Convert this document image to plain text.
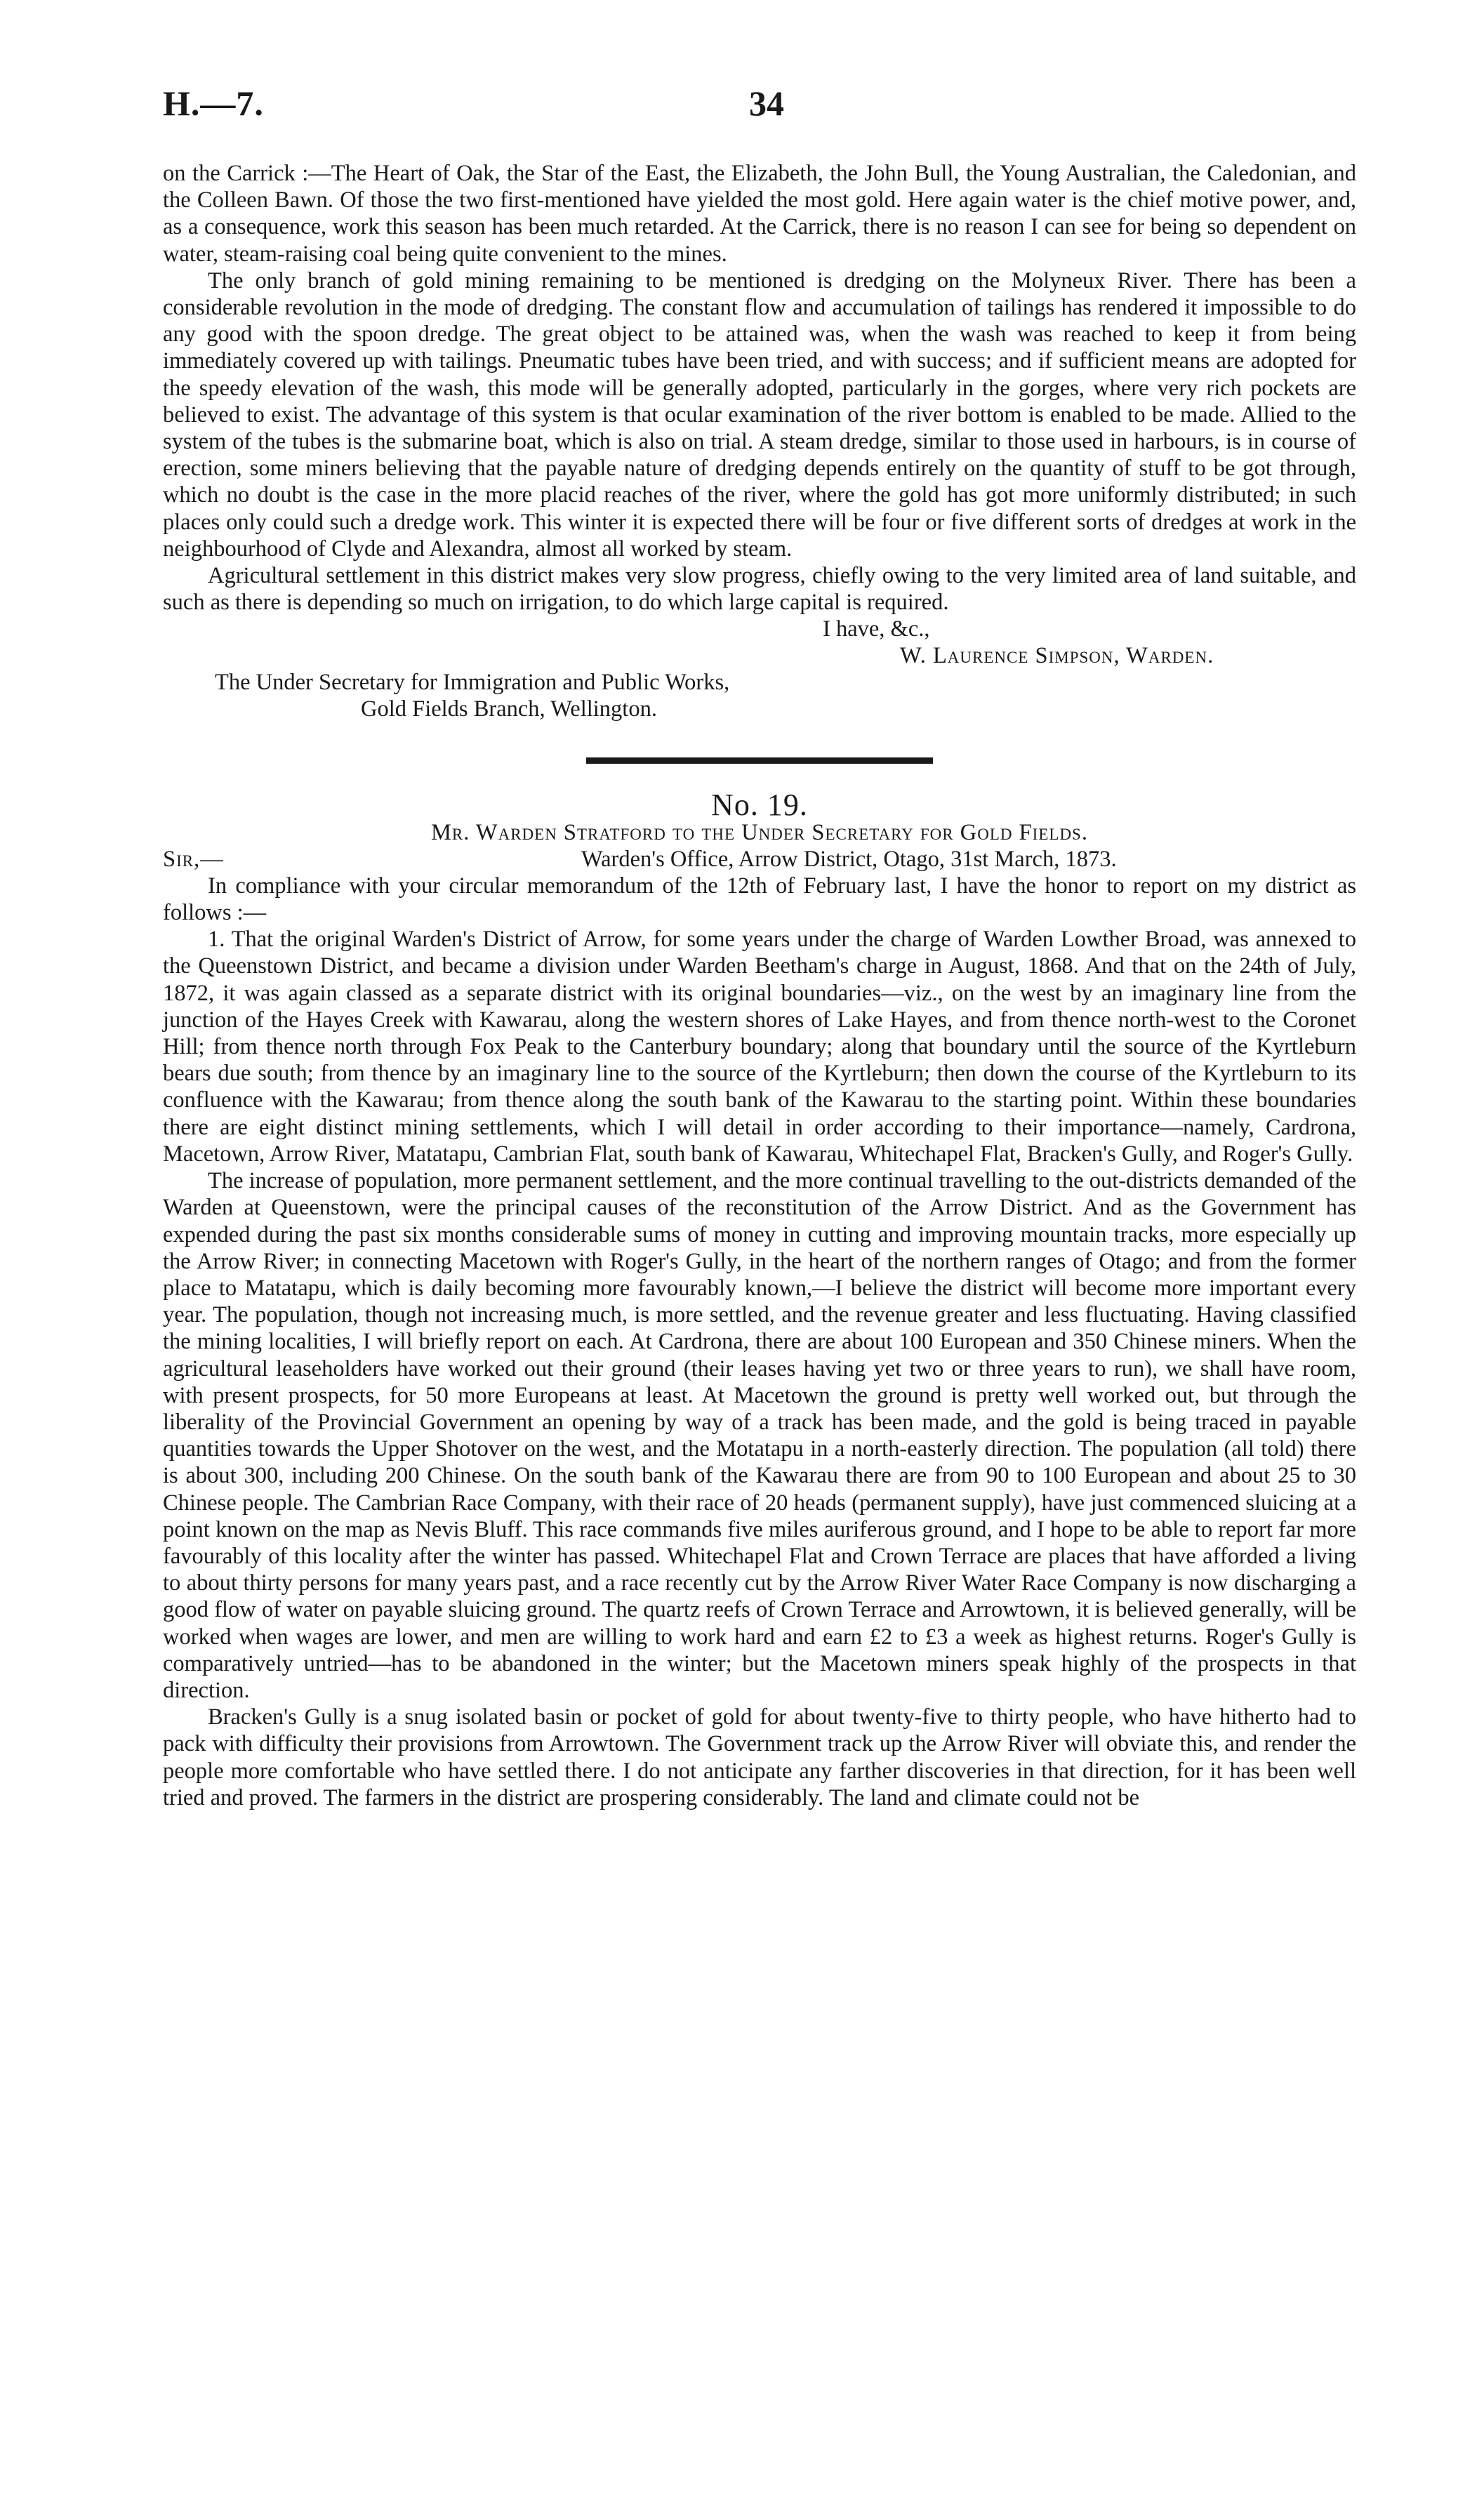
H.—7.	34

on the Carrick :—The Heart of Oak, the Star of the East, the Elizabeth, the John Bull, the Young Australian, the Caledonian, and the Colleen Bawn. Of those the two first-mentioned have yielded the most gold. Here again water is the chief motive power, and, as a consequence, work this season has been much retarded. At the Carrick, there is no reason I can see for being so dependent on water, steam-raising coal being quite convenient to the mines.

The only branch of gold mining remaining to be mentioned is dredging on the Molyneux River. There has been a considerable revolution in the mode of dredging. The constant flow and accumulation of tailings has rendered it impossible to do any good with the spoon dredge. The great object to be attained was, when the wash was reached to keep it from being immediately covered up with tailings. Pneumatic tubes have been tried, and with success; and if sufficient means are adopted for the speedy elevation of the wash, this mode will be generally adopted, particularly in the gorges, where very rich pockets are believed to exist. The advantage of this system is that ocular examination of the river bottom is enabled to be made. Allied to the system of the tubes is the submarine boat, which is also on trial. A steam dredge, similar to those used in harbours, is in course of erection, some miners believing that the payable nature of dredging depends entirely on the quantity of stuff to be got through, which no doubt is the case in the more placid reaches of the river, where the gold has got more uniformly distributed; in such places only could such a dredge work. This winter it is expected there will be four or five different sorts of dredges at work in the neighbourhood of Clyde and Alexandra, almost all worked by steam.

Agricultural settlement in this district makes very slow progress, chiefly owing to the very limited area of land suitable, and such as there is depending so much on irrigation, to do which large capital is required.

I have, &c.,
W. Laurence Simpson, Warden.
The Under Secretary for Immigration and Public Works,
Gold Fields Branch, Wellington.

No. 19.

Mr. Warden Stratford to the Under Secretary for Gold Fields.

Sir,—	Warden's Office, Arrow District, Otago, 31st March, 1873.

In compliance with your circular memorandum of the 12th of February last, I have the honor to report on my district as follows :—

1. That the original Warden's District of Arrow, for some years under the charge of Warden Lowther Broad, was annexed to the Queenstown District, and became a division under Warden Beetham's charge in August, 1868. And that on the 24th of July, 1872, it was again classed as a separate district with its original boundaries—viz., on the west by an imaginary line from the junction of the Hayes Creek with Kawarau, along the western shores of Lake Hayes, and from thence north-west to the Coronet Hill; from thence north through Fox Peak to the Canterbury boundary; along that boundary until the source of the Kyrtleburn bears due south; from thence by an imaginary line to the source of the Kyrtleburn; then down the course of the Kyrtleburn to its confluence with the Kawarau; from thence along the south bank of the Kawarau to the starting point. Within these boundaries there are eight distinct mining settlements, which I will detail in order according to their importance—namely, Cardrona, Macetown, Arrow River, Matatapu, Cambrian Flat, south bank of Kawarau, Whitechapel Flat, Bracken's Gully, and Roger's Gully.

The increase of population, more permanent settlement, and the more continual travelling to the out-districts demanded of the Warden at Queenstown, were the principal causes of the reconstitution of the Arrow District. And as the Government has expended during the past six months considerable sums of money in cutting and improving mountain tracks, more especially up the Arrow River; in connecting Macetown with Roger's Gully, in the heart of the northern ranges of Otago; and from the former place to Matatapu, which is daily becoming more favourably known,—I believe the district will become more important every year. The population, though not increasing much, is more settled, and the revenue greater and less fluctuating. Having classified the mining localities, I will briefly report on each. At Cardrona, there are about 100 European and 350 Chinese miners. When the agricultural leaseholders have worked out their ground (their leases having yet two or three years to run), we shall have room, with present prospects, for 50 more Europeans at least. At Macetown the ground is pretty well worked out, but through the liberality of the Provincial Government an opening by way of a track has been made, and the gold is being traced in payable quantities towards the Upper Shotover on the west, and the Motatapu in a north-easterly direction. The population (all told) there is about 300, including 200 Chinese. On the south bank of the Kawarau there are from 90 to 100 European and about 25 to 30 Chinese people. The Cambrian Race Company, with their race of 20 heads (permanent supply), have just commenced sluicing at a point known on the map as Nevis Bluff. This race commands five miles auriferous ground, and I hope to be able to report far more favourably of this locality after the winter has passed. Whitechapel Flat and Crown Terrace are places that have afforded a living to about thirty persons for many years past, and a race recently cut by the Arrow River Water Race Company is now discharging a good flow of water on payable sluicing ground. The quartz reefs of Crown Terrace and Arrowtown, it is believed generally, will be worked when wages are lower, and men are willing to work hard and earn £2 to £3 a week as highest returns. Roger's Gully is comparatively untried—has to be abandoned in the winter; but the Macetown miners speak highly of the prospects in that direction.

Bracken's Gully is a snug isolated basin or pocket of gold for about twenty-five to thirty people, who have hitherto had to pack with difficulty their provisions from Arrowtown. The Government track up the Arrow River will obviate this, and render the people more comfortable who have settled there. I do not anticipate any farther discoveries in that direction, for it has been well tried and proved. The farmers in the district are prospering considerably. The land and climate could not be
